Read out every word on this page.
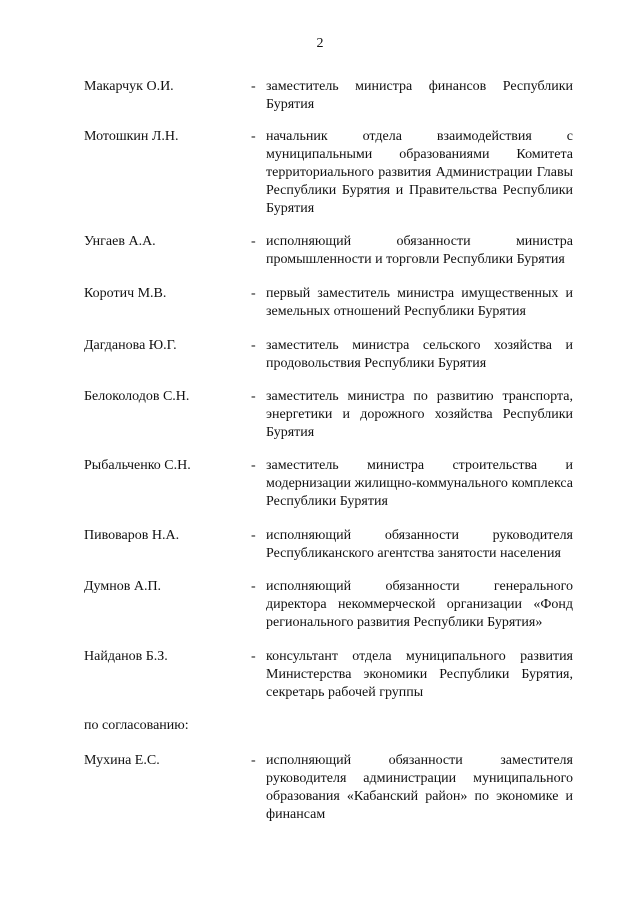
2
Макарчук О.И.	- заместитель министра финансов Республики Бурятия
Мотошкин Л.Н.	- начальник отдела взаимодействия с муниципальными образованиями Комитета территориального развития Администрации Главы Республики Бурятия и Правительства Республики Бурятия
Унгаев А.А.	- исполняющий обязанности министра промышленности и торговли Республики Бурятия
Коротич М.В.	- первый заместитель министра имущественных и земельных отношений Республики Бурятия
Дагданова Ю.Г.	- заместитель министра сельского хозяйства и продовольствия Республики Бурятия
Белоколодов С.Н.	- заместитель министра по развитию транспорта, энергетики и дорожного хозяйства Республики Бурятия
Рыбальченко С.Н.	- заместитель министра строительства и модернизации жилищно-коммунального комплекса Республики Бурятия
Пивоваров Н.А.	- исполняющий обязанности руководителя Республиканского агентства занятости населения
Думнов А.П.	- исполняющий обязанности генерального директора некоммерческой организации «Фонд регионального развития Республики Бурятия»
Найданов Б.З.	- консультант отдела муниципального развития Министерства экономики Республики Бурятия, секретарь рабочей группы
по согласованию:
Мухина Е.С.	- исполняющий обязанности заместителя руководителя администрации муниципального образования «Кабанский район» по экономике и финансам
